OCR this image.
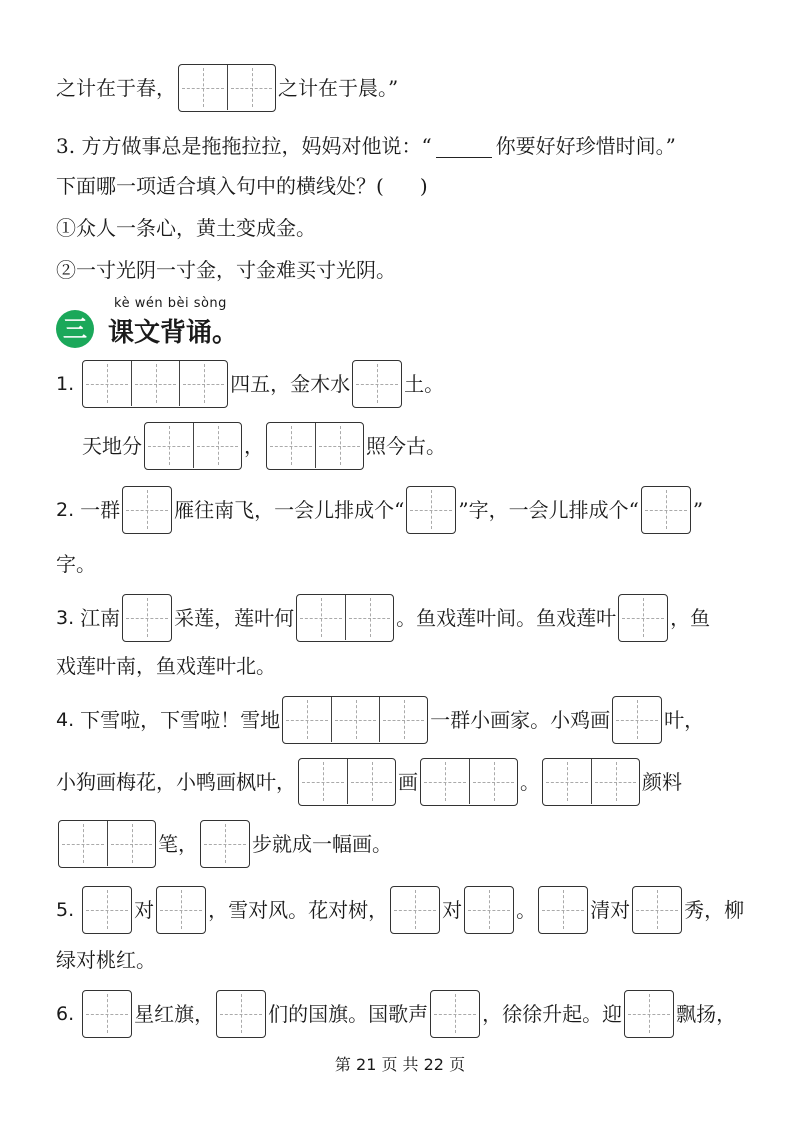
之计在于春，	之计在于晨。”
3. 方方做事总是拖拖拉拉，妈妈对他说：“	你要好好珍惜时间。”
下面哪一项适合填入句中的横线处？( )
①众人一条心，黄土变成金。
②一寸光阴一寸金，寸金难买寸光阴。
三
kè wén bèi sòng
课文背诵。
1.	四五，金木水	土。
天地分	，	照今古。
2. 一群	雁往南飞，一会儿排成个“	”字，一会儿排成个“	”
字。
3. 江南	采莲，莲叶何	。鱼戏莲叶间。鱼戏莲叶	，鱼
戏莲叶南，鱼戏莲叶北。
4. 下雪啦，下雪啦！雪地	一群小画家。小鸡画	叶，
小狗画梅花，小鸭画枫叶，	画	。	颜料
笔，	步就成一幅画。
5.	对	，雪对风。花对树，	对	。	清对	秀，柳
绿对桃红。
6.	星红旗，	们的国旗。国歌声	，徐徐升起。迎	飘扬，
第 21 页 共 22 页
